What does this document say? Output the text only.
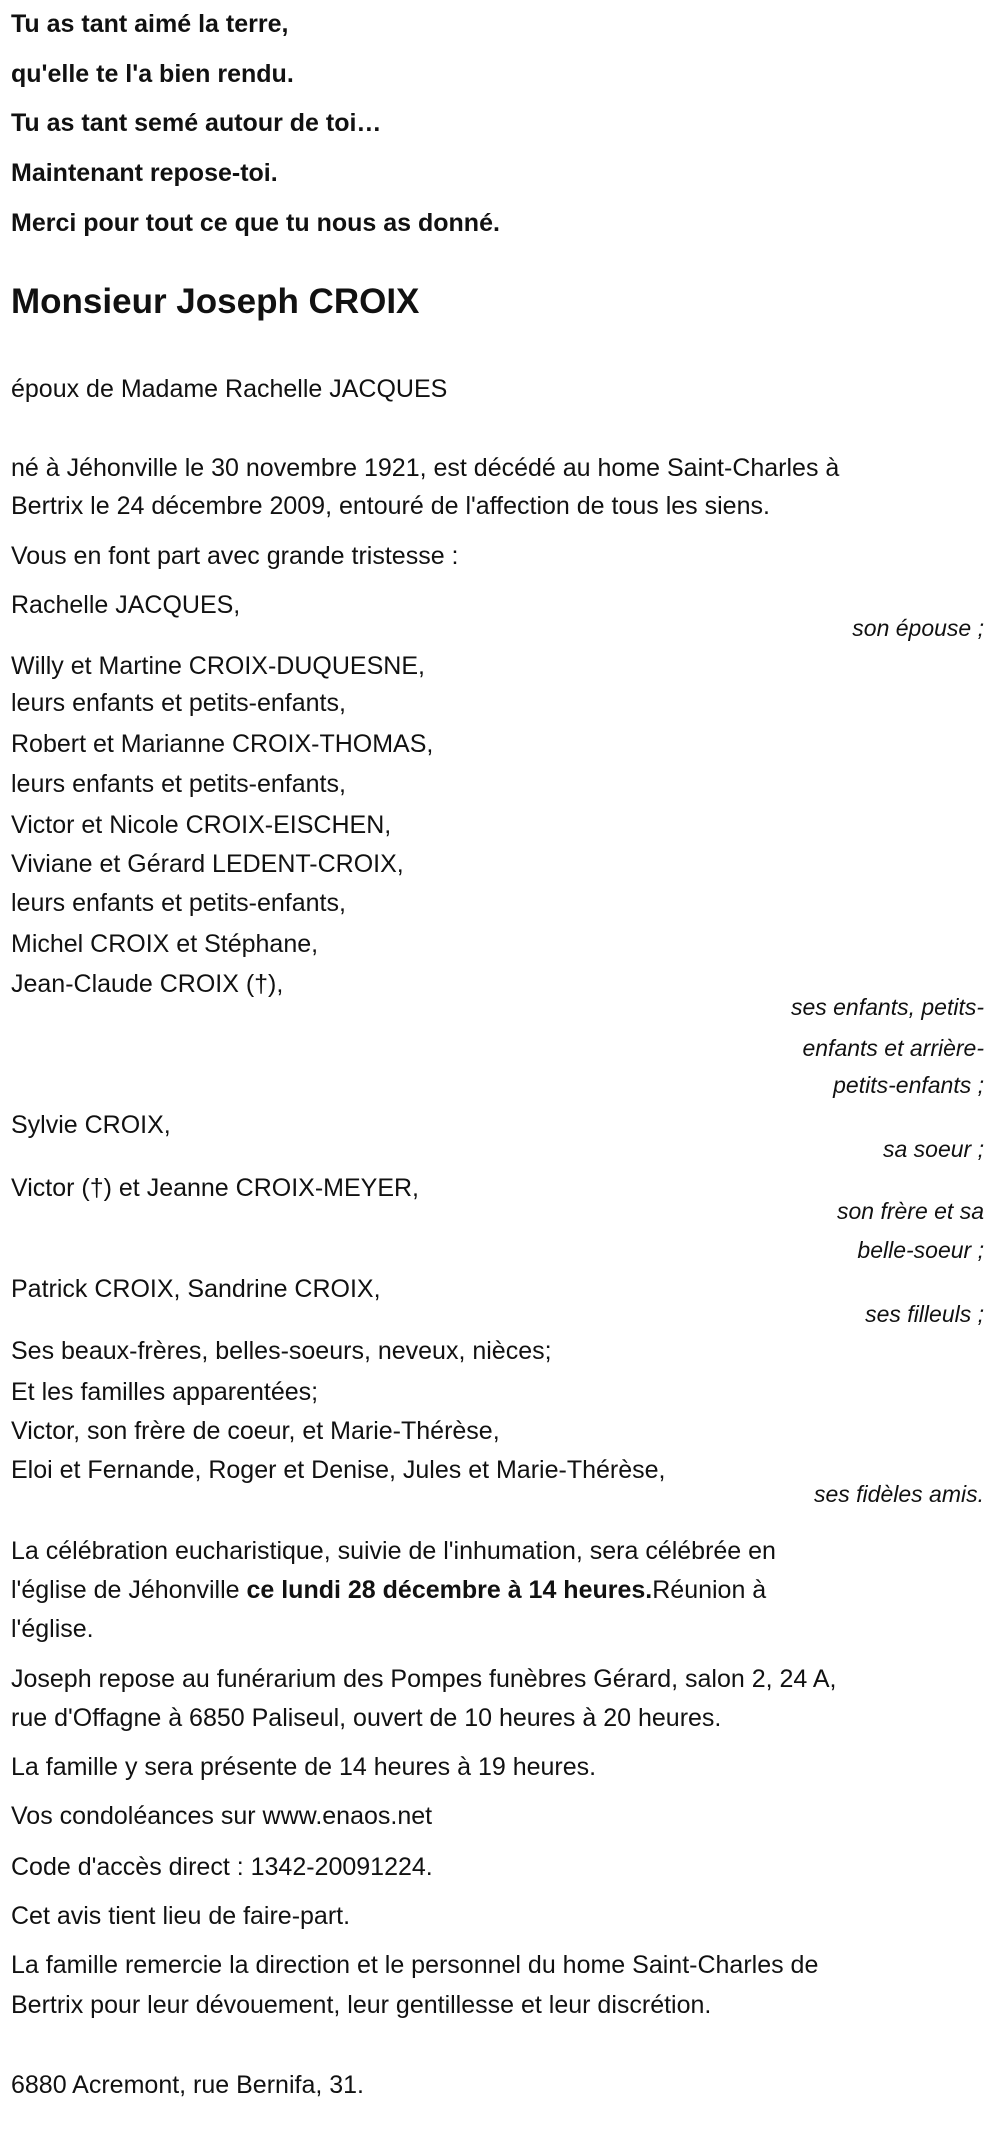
Tu as tant aimé la terre,
qu'elle te l'a bien rendu.
Tu as tant semé autour de toi…
Maintenant repose-toi.
Merci pour tout ce que tu nous as donné.
Monsieur Joseph CROIX
époux de Madame Rachelle JACQUES
né à Jéhonville le 30 novembre 1921, est décédé au home Saint-Charles à
Bertrix le 24 décembre 2009, entouré de l'affection de tous les siens.
Vous en font part avec grande tristesse :
Rachelle JACQUES,
son épouse ;
Willy et Martine CROIX-DUQUESNE,
leurs enfants et petits-enfants,
Robert et Marianne CROIX-THOMAS,
leurs enfants et petits-enfants,
Victor et Nicole CROIX-EISCHEN,
Viviane et Gérard LEDENT-CROIX,
leurs enfants et petits-enfants,
Michel CROIX et Stéphane,
Jean-Claude CROIX (†),
ses enfants, petits-
enfants et arrière-
petits-enfants ;
Sylvie CROIX,
sa soeur ;
Victor (†) et Jeanne CROIX-MEYER,
son frère et sa
belle-soeur ;
Patrick CROIX, Sandrine CROIX,
ses filleuls ;
Ses beaux-frères, belles-soeurs, neveux, nièces;
Et les familles apparentées;
Victor, son frère de coeur, et Marie-Thérèse,
Eloi et Fernande, Roger et Denise, Jules et Marie-Thérèse,
ses fidèles amis.
La célébration eucharistique, suivie de l'inhumation, sera célébrée en
l'église de Jéhonville ce lundi 28 décembre à 14 heures.Réunion à
l'église.
Joseph repose au funérarium des Pompes funèbres Gérard, salon 2, 24 A,
rue d'Offagne à 6850 Paliseul, ouvert de 10 heures à 20 heures.
La famille y sera présente de 14 heures à 19 heures.
Vos condoléances sur www.enaos.net
Code d'accès direct : 1342-20091224.
Cet avis tient lieu de faire-part.
La famille remercie la direction et le personnel du home Saint-Charles de
Bertrix pour leur dévouement, leur gentillesse et leur discrétion.
6880 Acremont, rue Bernifa, 31.
